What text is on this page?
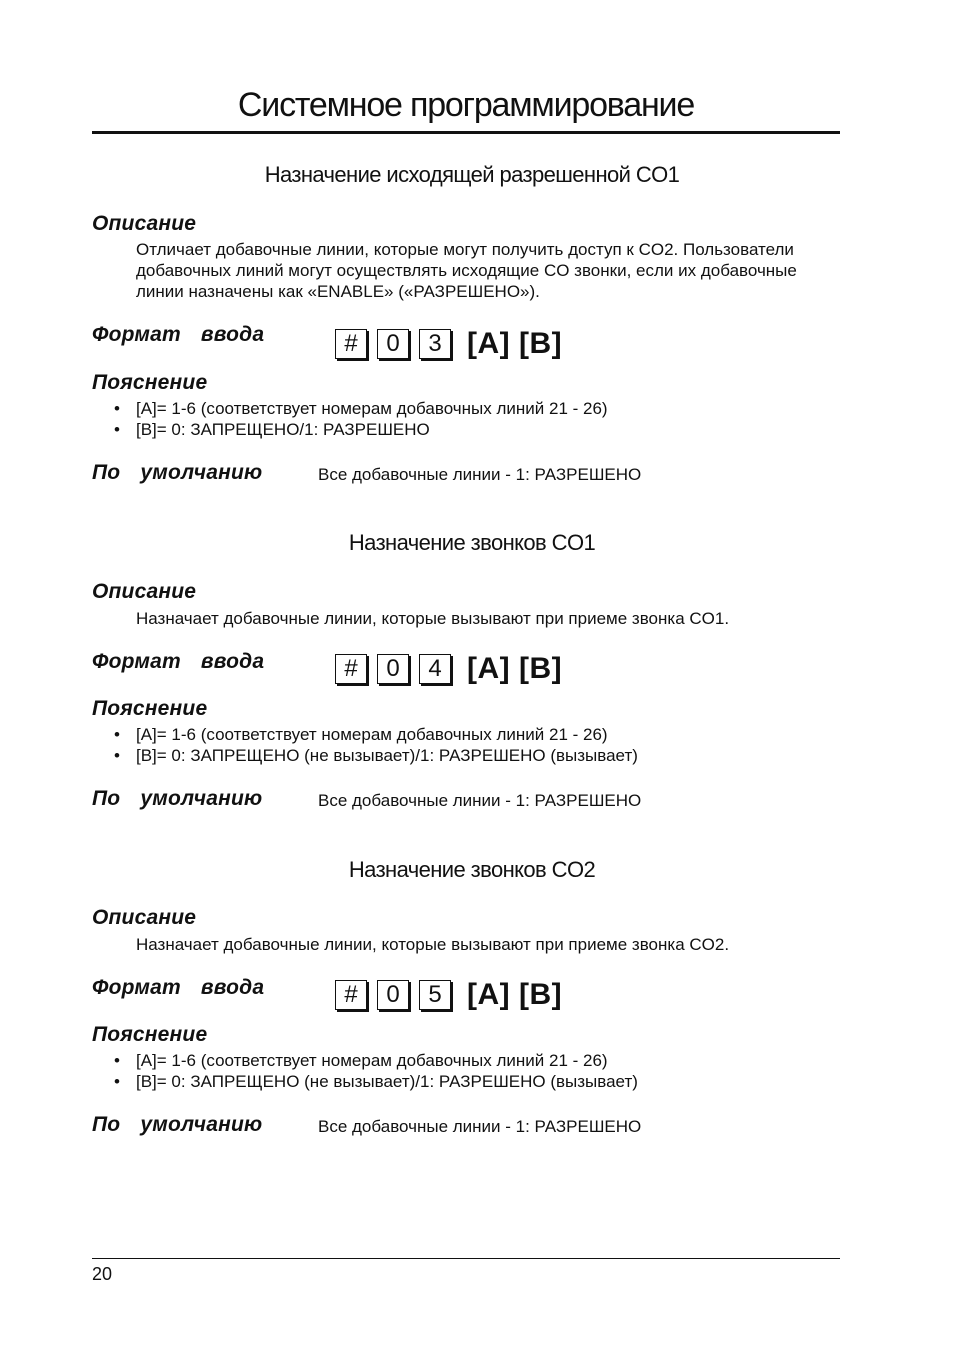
Системное программирование
Назначение исходящей разрешенной CO1
Описание

Отличает добавочные линии, которые могут получить доступ к CO2. Пользователи добавочных линий могут осуществлять исходящие CO звонки, если их добавочные линии назначены как «ENABLE» («РАЗРЕШЕНО»).

Формат ввода	#	0	3 [A] [B]
Пояснение
• [A]= 1-6 (соответствует номерам добавочных линий 21 - 26)
• [B]= 0: ЗАПРЕЩЕНО/1: РАЗРЕШЕНО
По умолчанию	Все добавочные линии - 1: РАЗРЕШЕНО
Назначение звонков CO1
Описание

Назначает добавочные линии, которые вызывают при приеме звонка CO1.

Формат ввода	#	0	4 [A] [B]
Пояснение
• [A]= 1-6 (соответствует номерам добавочных линий 21 - 26)
• [B]= 0: ЗАПРЕЩЕНО (не вызывает)/1: РАЗРЕШЕНО (вызывает)
По умолчанию	Все добавочные линии - 1: РАЗРЕШЕНО
Назначение звонков CO2
Описание

Назначает добавочные линии, которые вызывают при приеме звонка CO2.

Формат ввода	#	0	5 [A] [B]
Пояснение
• [A]= 1-6 (соответствует номерам добавочных линий 21 - 26)
• [B]= 0: ЗАПРЕЩЕНО (не вызывает)/1: РАЗРЕШЕНО (вызывает)
По умолчанию	Все добавочные линии - 1: РАЗРЕШЕНО
20
